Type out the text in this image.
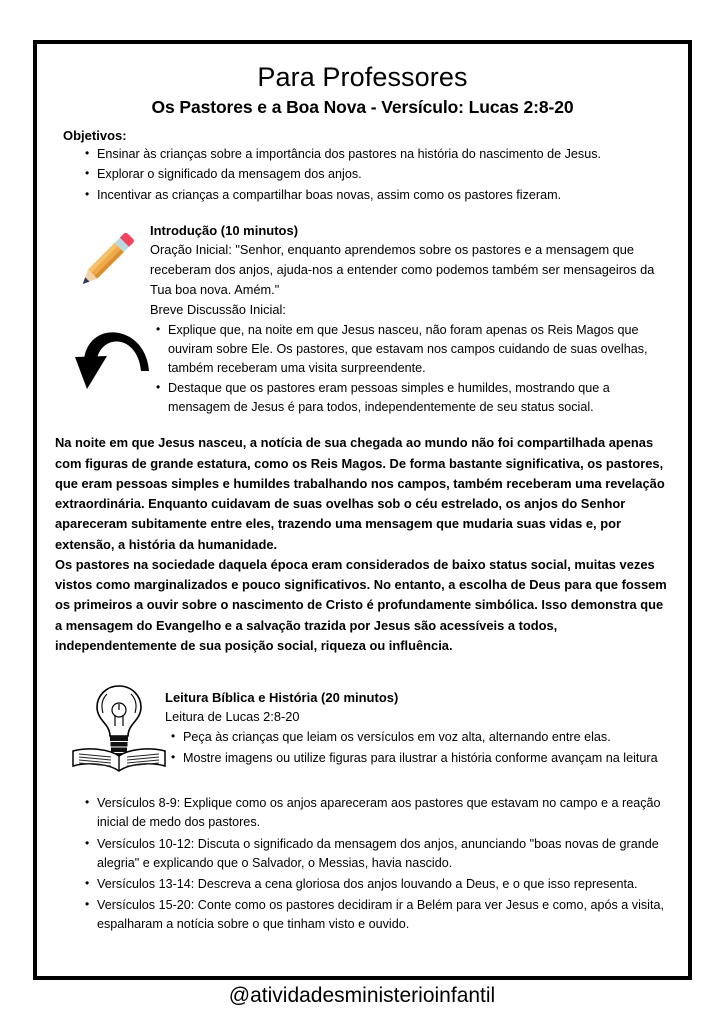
Para Professores
Os Pastores e a Boa Nova - Versículo: Lucas 2:8-20
Objetivos:
• Ensinar às crianças sobre a importância dos pastores na história do nascimento de Jesus.
• Explorar o significado da mensagem dos anjos.
• Incentivar as crianças a compartilhar boas novas, assim como os pastores fizeram.
Introdução (10 minutos)

Oração Inicial: "Senhor, enquanto aprendemos sobre os pastores e a mensagem que receberam dos anjos, ajuda-nos a entender como podemos também ser mensageiros da Tua boa nova. Amém."

Breve Discussão Inicial:

• Explique que, na noite em que Jesus nasceu, não foram apenas os Reis Magos que ouviram sobre Ele. Os pastores, que estavam nos campos cuidando de suas ovelhas, também receberam uma visita surpreendente.
• Destaque que os pastores eram pessoas simples e humildes, mostrando que a mensagem de Jesus é para todos, independentemente de seu status social.

Na noite em que Jesus nasceu, a notícia de sua chegada ao mundo não foi compartilhada apenas com figuras de grande estatura, como os Reis Magos. De forma bastante significativa, os pastores, que eram pessoas simples e humildes trabalhando nos campos, também receberam uma revelação extraordinária. Enquanto cuidavam de suas ovelhas sob o céu estrelado, os anjos do Senhor apareceram subitamente entre eles, trazendo uma mensagem que mudaria suas vidas e, por extensão, a história da humanidade.

Os pastores na sociedade daquela época eram considerados de baixo status social, muitas vezes vistos como marginalizados e pouco significativos. No entanto, a escolha de Deus para que fossem os primeiros a ouvir sobre o nascimento de Cristo é profundamente simbólica. Isso demonstra que a mensagem do Evangelho e a salvação trazida por Jesus são acessíveis a todos, independentemente de sua posição social, riqueza ou influência.

Leitura Bíblica e História (20 minutos)

Leitura de Lucas 2:8-20

• Peça às crianças que leiam os versículos em voz alta, alternando entre elas.
• Mostre imagens ou utilize figuras para ilustrar a história conforme avançam na leitura
• Versículos 8-9: Explique como os anjos apareceram aos pastores que estavam no campo e a reação inicial de medo dos pastores.
• Versículos 10-12: Discuta o significado da mensagem dos anjos, anunciando "boas novas de grande alegria" e explicando que o Salvador, o Messias, havia nascido.
• Versículos 13-14: Descreva a cena gloriosa dos anjos louvando a Deus, e o que isso representa.
• Versículos 15-20: Conte como os pastores decidiram ir a Belém para ver Jesus e como, após a visita, espalharam a notícia sobre o que tinham visto e ouvido.
@atividadesministerioinfantil
